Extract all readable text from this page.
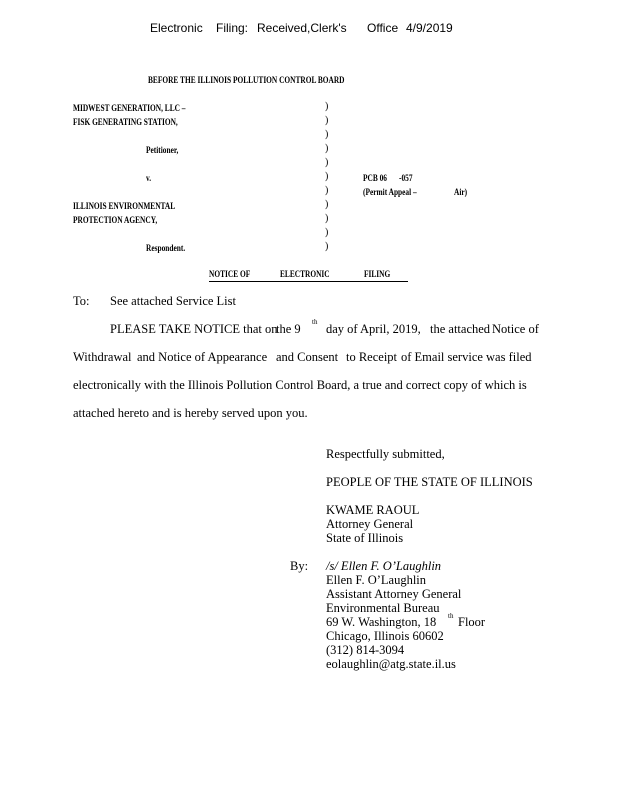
Electronic Filing: Received,Clerk's Office 4/9/2019
BEFORE THE ILLINOIS POLLUTION CONTROL BOARD
MIDWEST GENERATION, LLC –
FISK GENERATING STATION,
Petitioner,
v.
ILLINOIS ENVIRONMENTAL
PROTECTION AGENCY,
Respondent.
PCB 06 -057
(Permit Appeal –	Air)
)
)
)
)
)
)
)
)
)
)
)
NOTICE OF	ELECTRONIC	FILING
To: See attached Service List
PLEASE TAKE NOTICE that on
the 9 th day of April, 2019, the attached Notice of
Withdrawal and Notice of Appearance and Consent to Receipt of Email service was filed
electronically with the Illinois Pollution Control Board, a true and correct copy of which is
attached hereto and is hereby served upon you.
Respectfully submitted,
PEOPLE OF THE STATE OF ILLINOIS
KWAME RAOUL
Attorney General
State of Illinois
By: /s/ Ellen F. O’Laughlin
Ellen F. O’Laughlin
Assistant Attorney General
Environmental Bureau
69 W. Washington, 18 th Floor
Chicago, Illinois 60602
(312) 814-3094
eolaughlin@atg.state.il.us
